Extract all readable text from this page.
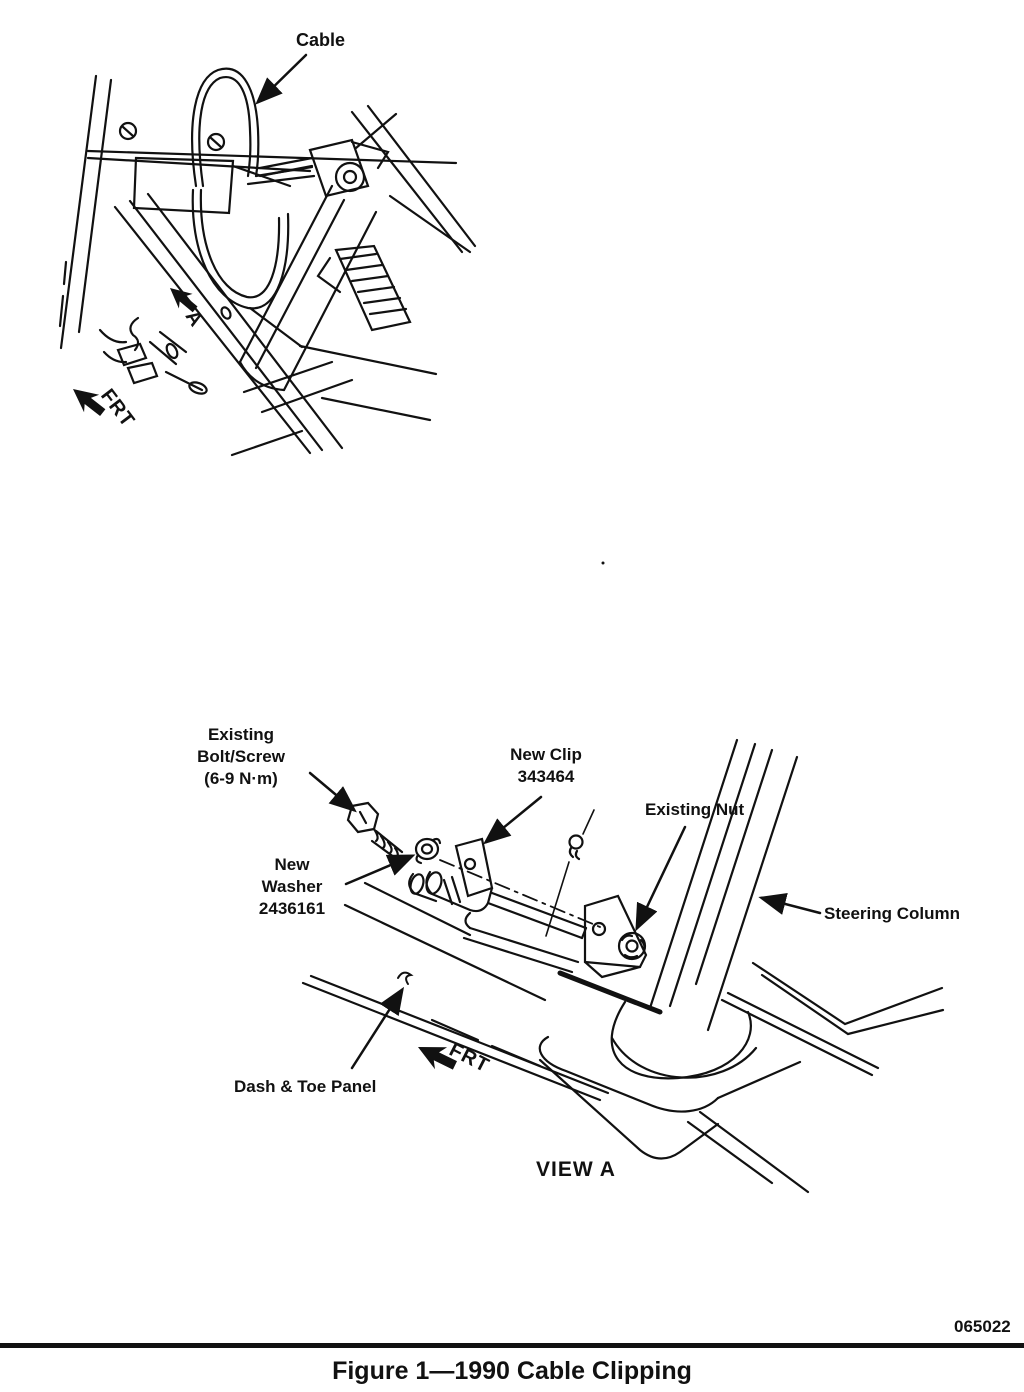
Cable
A
FRT
Existing
Bolt/Screw
(6-9 N·m)
New Clip
343464
New
Washer
2436161
Existing Nut
Steering Column
Dash & Toe Panel
FRT
VIEW A
065022
Figure 1—1990 Cable Clipping
